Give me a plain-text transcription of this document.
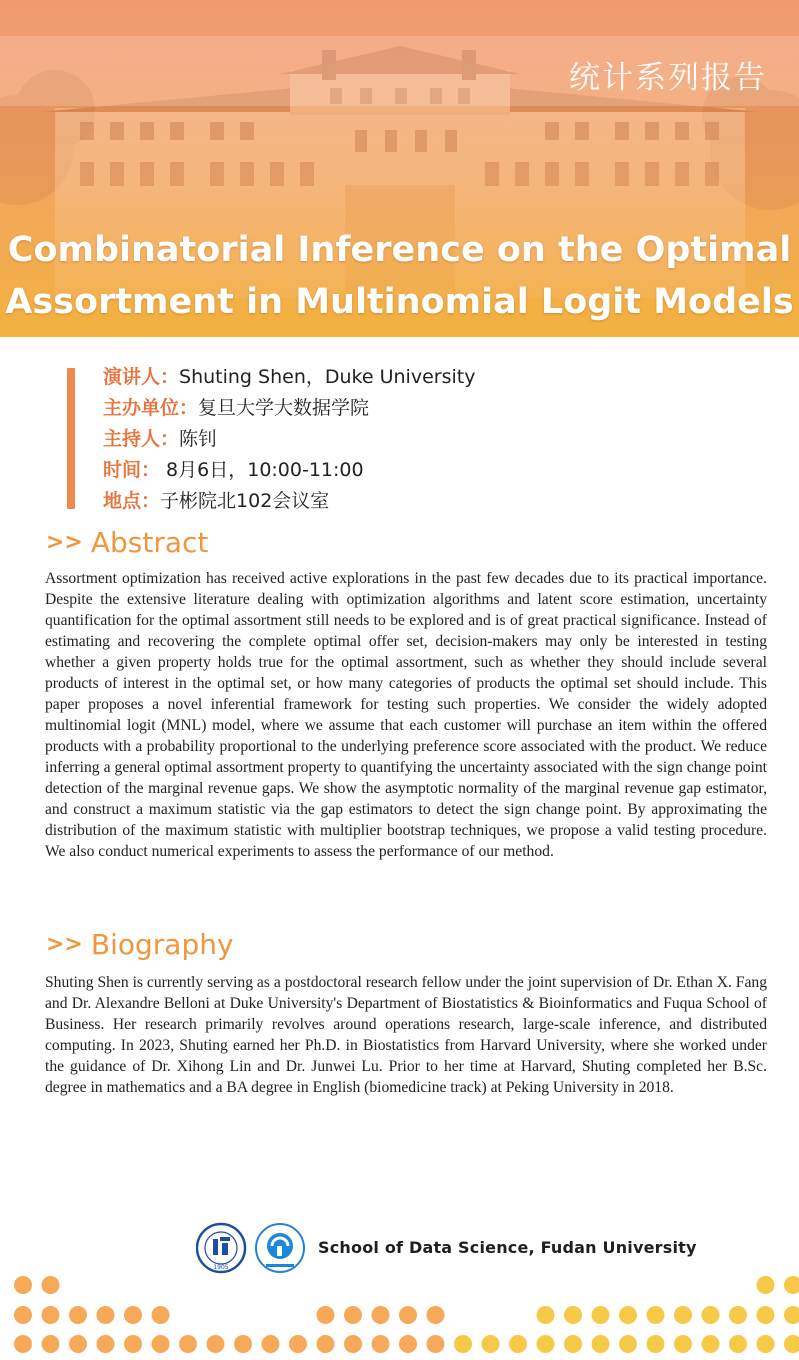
统计系列报告
Combinatorial Inference on the Optimal Assortment in Multinomial Logit Models
演讲人：Shuting Shen，Duke University
主办单位：复旦大学大数据学院
主持人：陈钊
时间： 8月6日，10:00-11:00
地点：子彬院北102会议室
>> Abstract

Assortment optimization has received active explorations in the past few decades due to its practical importance. Despite the extensive literature dealing with optimization algorithms and latent score estimation, uncertainty quantification for the optimal assortment still needs to be explored and is of great practical significance. Instead of estimating and recovering the complete optimal offer set, decision-makers may only be interested in testing whether a given property holds true for the optimal assortment, such as whether they should include several products of interest in the optimal set, or how many categories of products the optimal set should include. This paper proposes a novel inferential framework for testing such properties. We consider the widely adopted multinomial logit (MNL) model, where we assume that each customer will purchase an item within the offered products with a probability proportional to the underlying preference score associated with the product. We reduce inferring a general optimal assortment property to quantifying the uncertainty associated with the sign change point detection of the marginal revenue gaps. We show the asymptotic normality of the marginal revenue gap estimator, and construct a maximum statistic via the gap estimators to detect the sign change point. By approximating the distribution of the maximum statistic with multiplier bootstrap techniques, we propose a valid testing procedure. We also conduct numerical experiments to assess the performance of our method.

>> Biography

Shuting Shen is currently serving as a postdoctoral research fellow under the joint supervision of Dr. Ethan X. Fang and Dr. Alexandre Belloni at Duke University's Department of Biostatistics & Bioinformatics and Fuqua School of Business. Her research primarily revolves around operations research, large-scale inference, and distributed computing. In 2023, Shuting earned her Ph.D. in Biostatistics from Harvard University, where she worked under the guidance of Dr. Xihong Lin and Dr. Junwei Lu. Prior to her time at Harvard, Shuting completed her B.Sc. degree in mathematics and a BA degree in English (biomedicine track) at Peking University in 2018.

1905
School of Data Science, Fudan University
